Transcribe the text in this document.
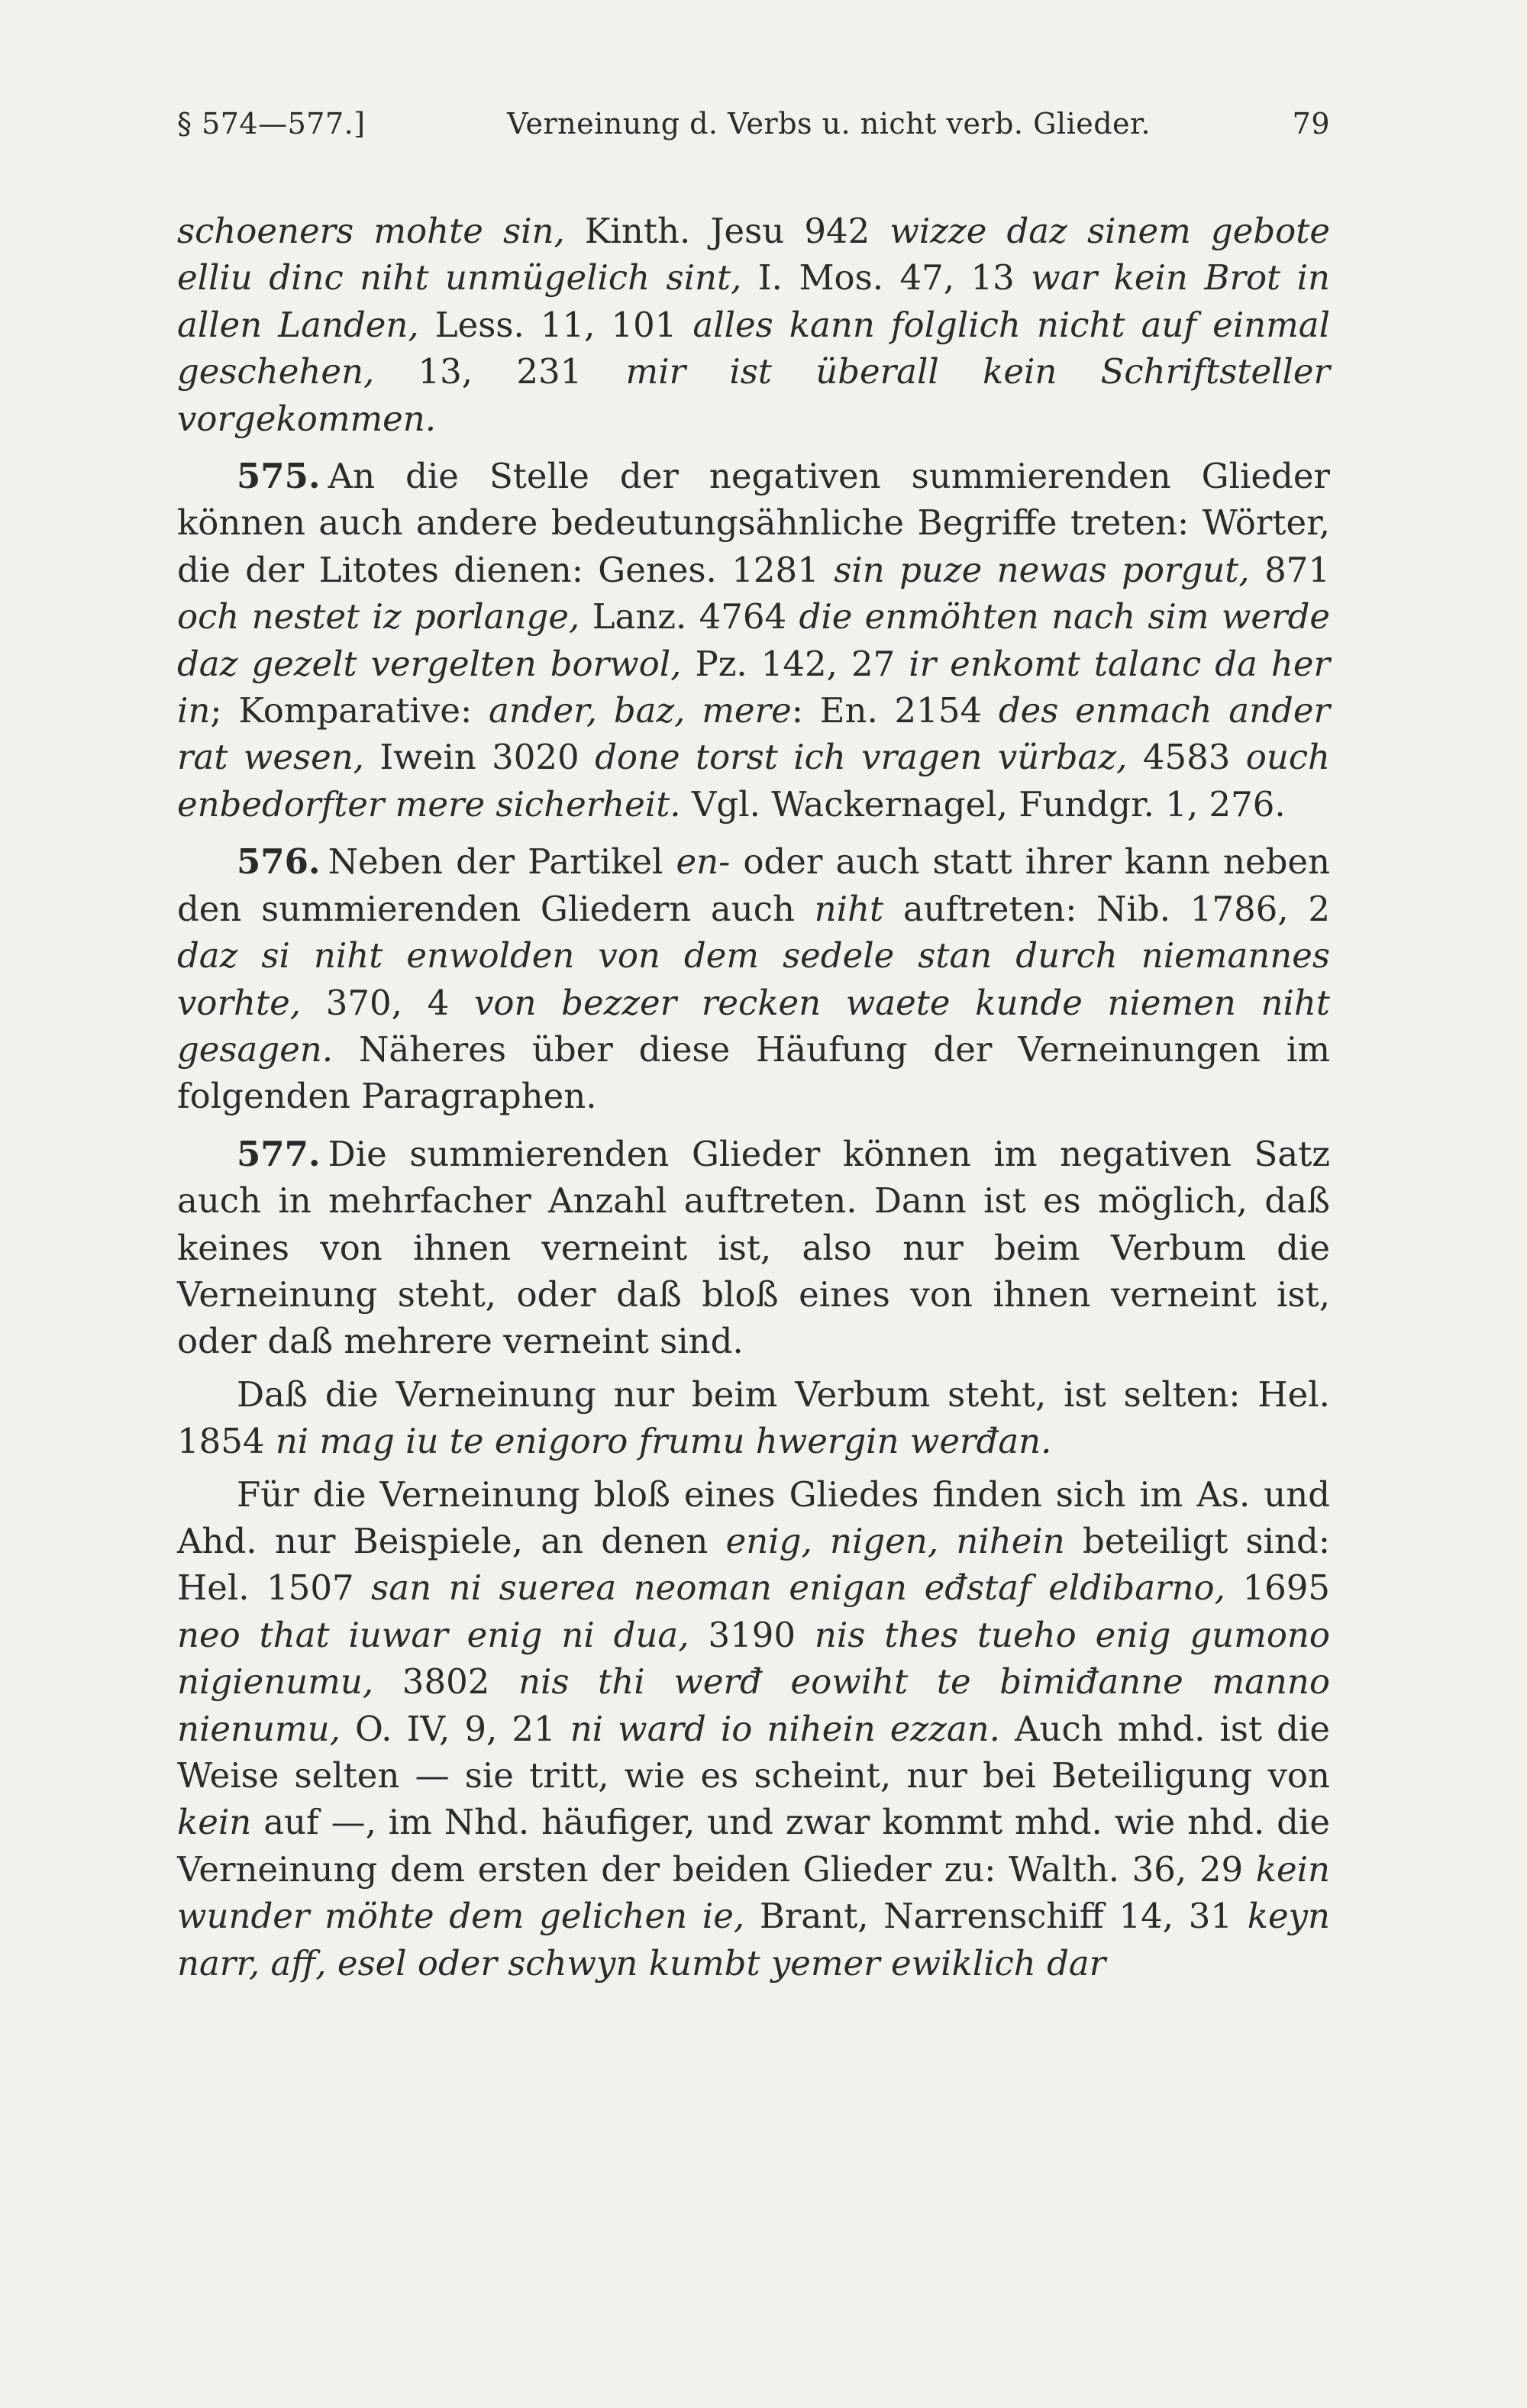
§ 574—577.]	Verneinung d. Verbs u. nicht verb. Glieder.	79

schoeners mohte sin, Kinth. Jesu 942 wizze daz sinem gebote elliu dinc niht unmügelich sint, I. Mos. 47, 13 war kein Brot in allen Landen, Less. 11, 101 alles kann folglich nicht auf einmal geschehen, 13, 231 mir ist überall kein Schriftsteller vorgekommen.

575. An die Stelle der negativen summierenden Glieder können auch andere bedeutungsähnliche Begriffe treten: Wörter, die der Litotes dienen: Genes. 1281 sin puze newas porgut, 871 och nestet iz porlange, Lanz. 4764 die enmöhten nach sim werde daz gezelt vergelten borwol, Pz. 142, 27 ir enkomt talanc da her in; Komparative: ander, baz, mere: En. 2154 des enmach ander rat wesen, Iwein 3020 done torst ich vragen vürbaz, 4583 ouch enbedorfter mere sicherheit. Vgl. Wackernagel, Fundgr. 1, 276.

576. Neben der Partikel en- oder auch statt ihrer kann neben den summierenden Gliedern auch niht auftreten: Nib. 1786, 2 daz si niht enwolden von dem sedele stan durch niemannes vorhte, 370, 4 von bezzer recken waete kunde niemen niht gesagen. Näheres über diese Häufung der Verneinungen im folgenden Paragraphen.

577. Die summierenden Glieder können im negativen Satz auch in mehrfacher Anzahl auftreten. Dann ist es möglich, daß keines von ihnen verneint ist, also nur beim Verbum die Verneinung steht, oder daß bloß eines von ihnen verneint ist, oder daß mehrere verneint sind.

Daß die Verneinung nur beim Verbum steht, ist selten: Hel. 1854 ni mag iu te enigoro frumu hwergin werđan.

Für die Verneinung bloß eines Gliedes finden sich im As. und Ahd. nur Beispiele, an denen enig, nigen, nihein beteiligt sind: Hel. 1507 san ni suerea neoman enigan eđstaf eldibarno, 1695 neo that iuwar enig ni dua, 3190 nis thes tueho enig gumono nigienumu, 3802 nis thi werđ eowiht te bimiđanne manno nienumu, O. IV, 9, 21 ni ward io nihein ezzan. Auch mhd. ist die Weise selten — sie tritt, wie es scheint, nur bei Beteiligung von kein auf —, im Nhd. häufiger, und zwar kommt mhd. wie nhd. die Verneinung dem ersten der beiden Glieder zu: Walth. 36, 29 kein wunder möhte dem gelichen ie, Brant, Narrenschiff 14, 31 keyn narr, aff, esel oder schwyn kumbt yemer ewiklich dar
